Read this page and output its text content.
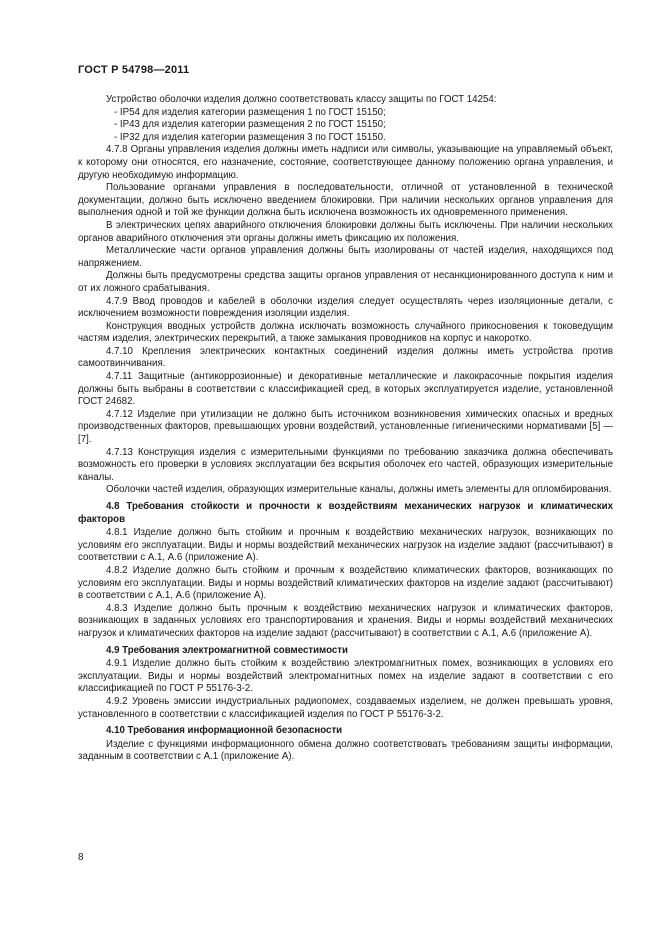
ГОСТ Р 54798—2011

Устройство оболочки изделия должно соответствовать классу защиты по ГОСТ 14254:

- IP54 для изделия категории размещения 1 по ГОСТ 15150;

- IP43 для изделия категории размещения 2 по ГОСТ 15150;

- IP32 для изделия категории размещения 3 по ГОСТ 15150.

4.7.8 Органы управления изделия должны иметь надписи или символы, указывающие на управляемый объект, к которому они относятся, его назначение, состояние, соответствующее данному положению органа управления, и другую необходимую информацию.

Пользование органами управления в последовательности, отличной от установленной в технической документации, должно быть исключено введением блокировки. При наличии нескольких органов управления для выполнения одной и той же функции должна быть исключена возможность их одновременного применения.

В электрических цепях аварийного отключения блокировки должны быть исключены. При наличии нескольких органов аварийного отключения эти органы должны иметь фиксацию их положения.

Металлические части органов управления должны быть изолированы от частей изделия, находящихся под напряжением.

Должны быть предусмотрены средства защиты органов управления от несанкционированного доступа к ним и от их ложного срабатывания.

4.7.9 Ввод проводов и кабелей в оболочки изделия следует осуществлять через изоляционные детали, с исключением возможности повреждения изоляции изделия.

Конструкция вводных устройств должна исключать возможность случайного прикосновения к токоведущим частям изделия, электрических перекрытий, а также замыкания проводников на корпус и накоротко.

4.7.10 Крепления электрических контактных соединений изделия должны иметь устройства против самоотвинчивания.

4.7.11 Защитные (антикоррозионные) и декоративные металлические и лакокрасочные покрытия изделия должны быть выбраны в соответствии с классификацией сред, в которых эксплуатируется изделие, установленной ГОСТ 24682.

4.7.12 Изделие при утилизации не должно быть источником возникновения химических опасных и вредных производственных факторов, превышающих уровни воздействий, установленные гигиеническими нормативами [5] — [7].

4.7.13 Конструкция изделия с измерительными функциями по требованию заказчика должна обеспечивать возможность его проверки в условиях эксплуатации без вскрытия оболочек его частей, образующих измерительные каналы.

Оболочки частей изделия, образующих измерительные каналы, должны иметь элементы для опломбирования.

4.8 Требования стойкости и прочности к воздействиям механических нагрузок и климатических факторов

4.8.1 Изделие должно быть стойким и прочным к воздействию механических нагрузок, возникающих по условиям его эксплуатации. Виды и нормы воздействий механических нагрузок на изделие задают (рассчитывают) в соответствии с А.1, А.6 (приложение А).

4.8.2 Изделие должно быть стойким и прочным к воздействию климатических факторов, возникающих по условиям его эксплуатации. Виды и нормы воздействий климатических факторов на изделие задают (рассчитывают) в соответствии с А.1, А.6 (приложение А).

4.8.3 Изделие должно быть прочным к воздействию механических нагрузок и климатических факторов, возникающих в заданных условиях его транспортирования и хранения. Виды и нормы воздействий механических нагрузок и климатических факторов на изделие задают (рассчитывают) в соответствии с А.1, А.6 (приложение А).

4.9 Требования электромагнитной совместимости

4.9.1 Изделие должно быть стойким к воздействию электромагнитных помех, возникающих в условиях его эксплуатации. Виды и нормы воздействий электромагнитных помех на изделие задают в соответствии с его классификацией по ГОСТ Р 55176-3-2.

4.9.2 Уровень эмиссии индустриальных радиопомех, создаваемых изделием, не должен превышать уровня, установленного в соответствии с классификацией изделия по ГОСТ Р 55176-3-2.

4.10 Требования информационной безопасности

Изделие с функциями информационного обмена должно соответствовать требованиям защиты информации, заданным в соответствии с А.1 (приложение А).

8
